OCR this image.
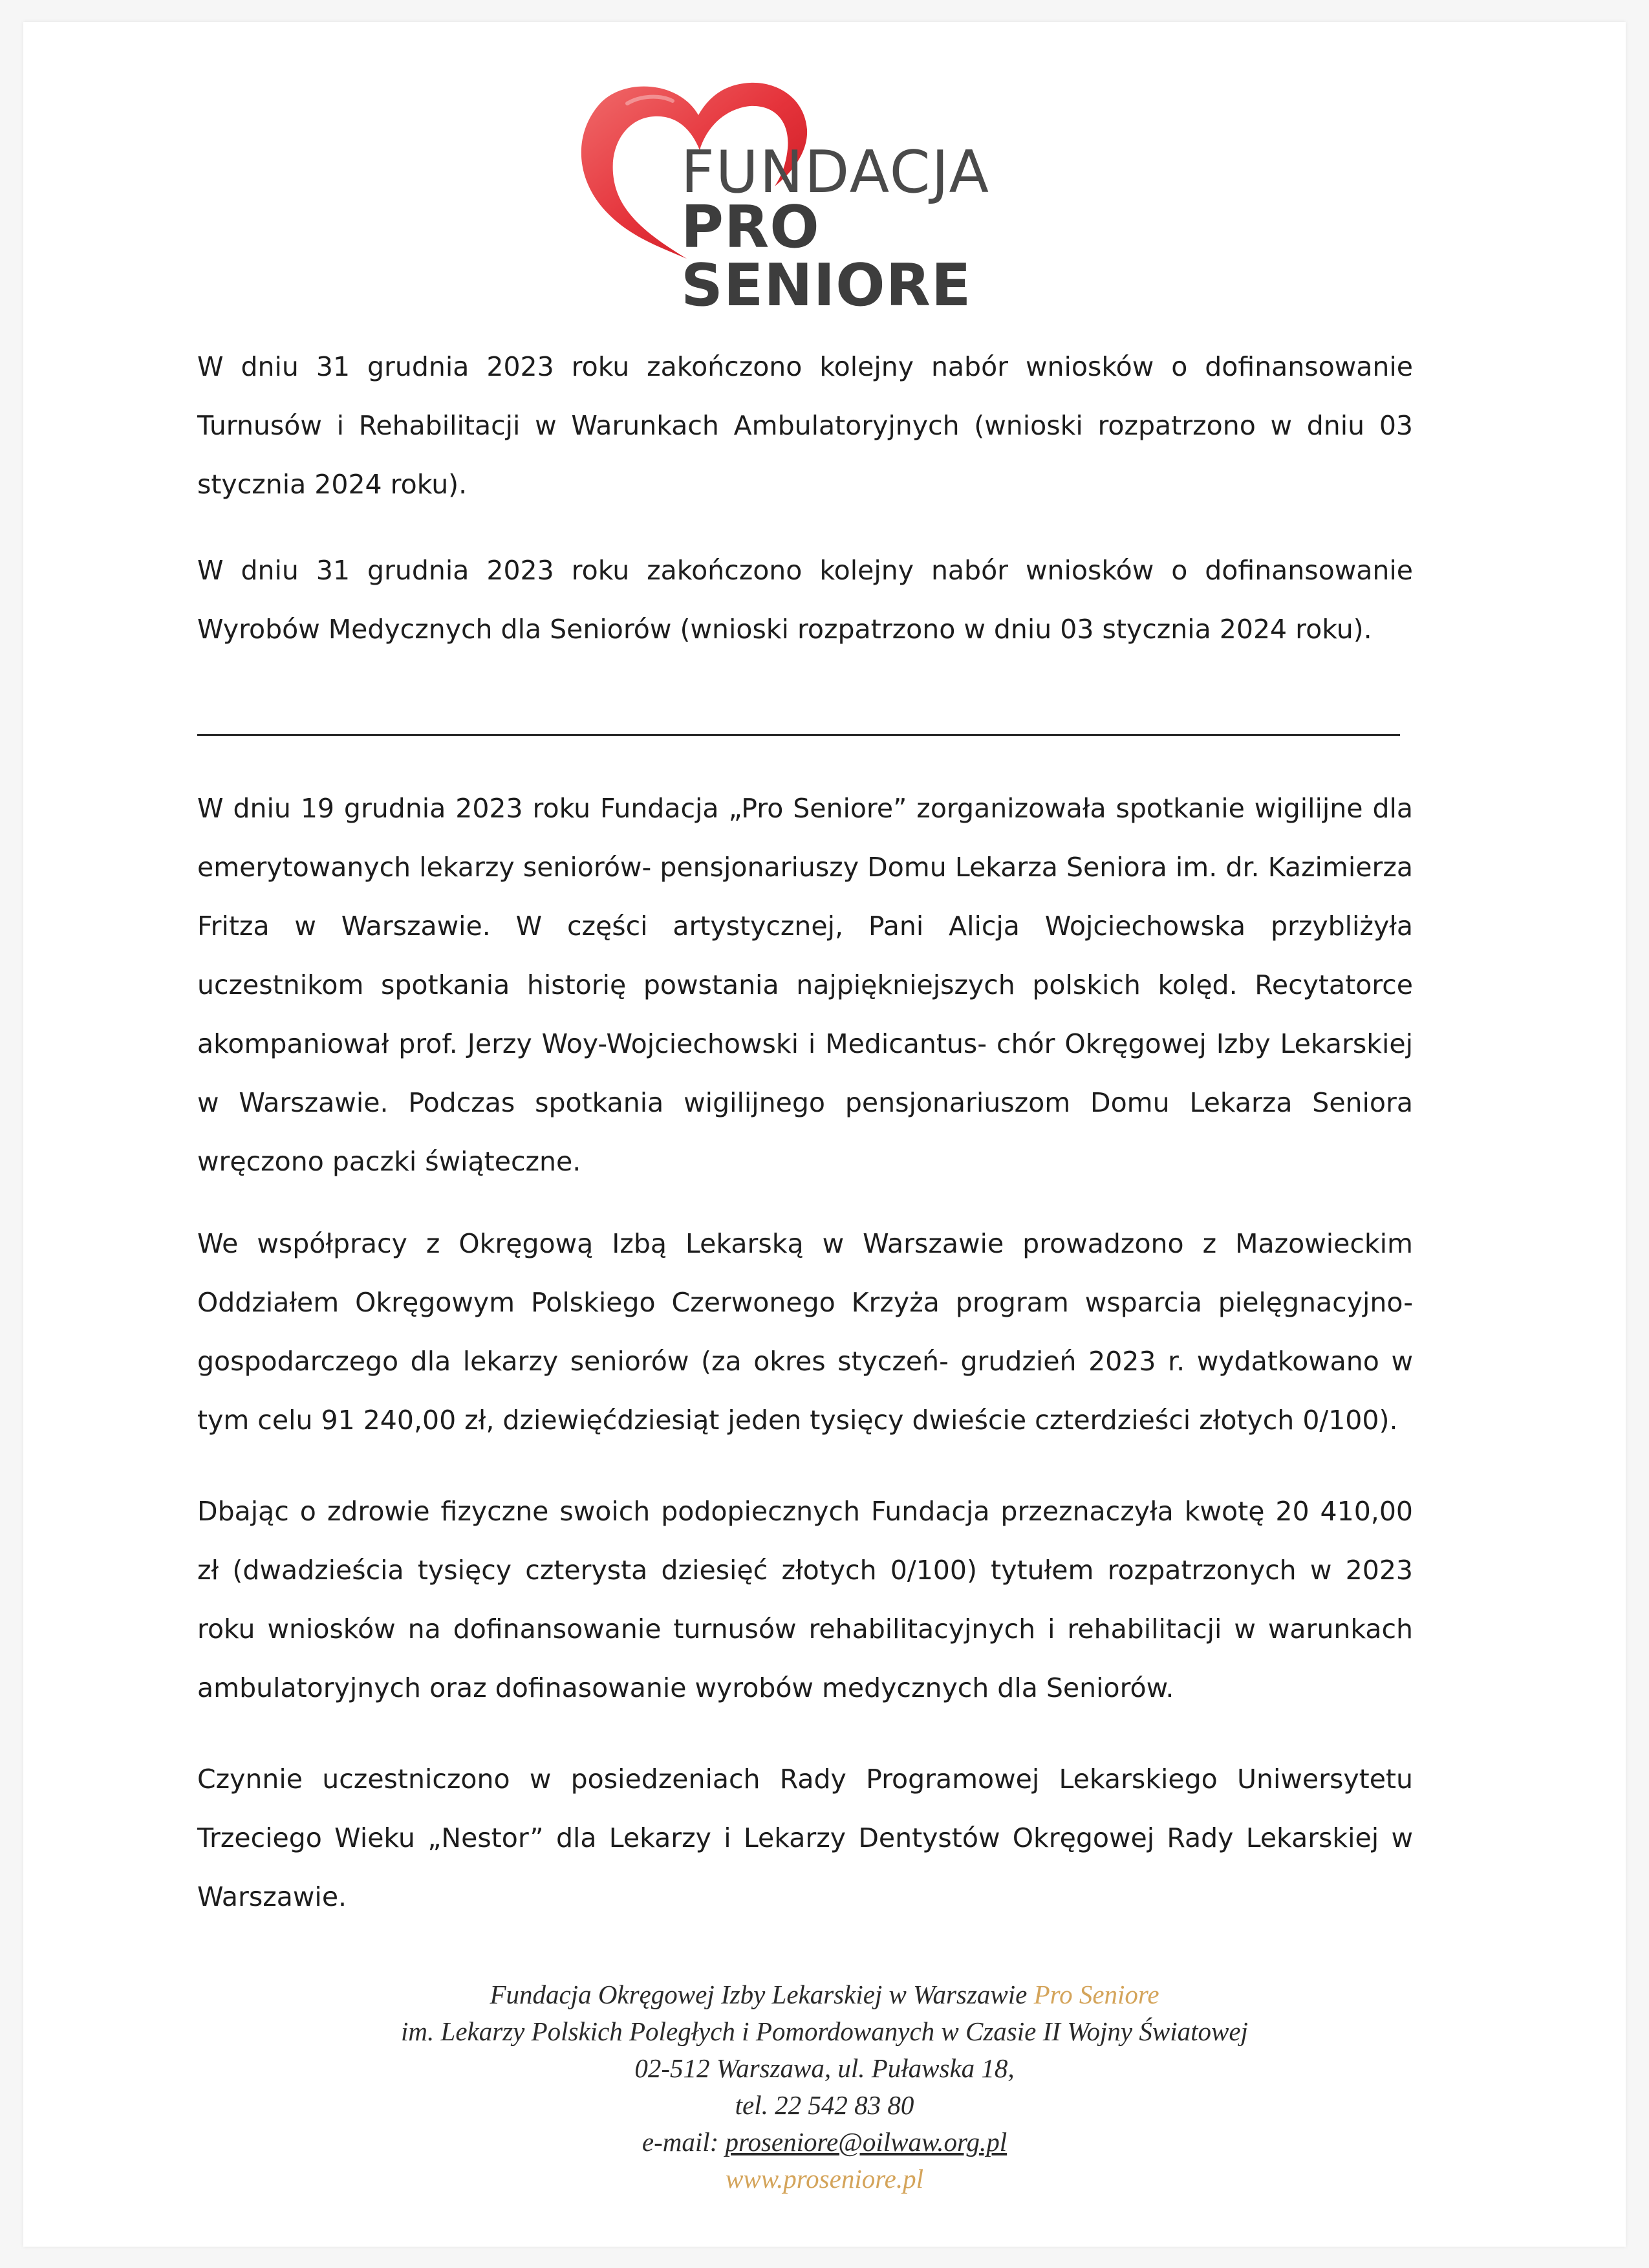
FUNDACJA
PRO SENIORE

W dniu 31 grudnia 2023 roku zakończono kolejny nabór wniosków o dofinansowanie Turnusów i Rehabilitacji w Warunkach Ambulatoryjnych (wnioski rozpatrzono w dniu 03 stycznia 2024 roku).

W dniu 31 grudnia 2023 roku zakończono kolejny nabór wniosków o dofinansowanie Wyrobów Medycznych dla Seniorów (wnioski rozpatrzono w dniu 03 stycznia 2024 roku).

W dniu 19 grudnia 2023 roku Fundacja „Pro Seniore” zorganizowała spotkanie wigilijne dla emerytowanych lekarzy seniorów- pensjonariuszy Domu Lekarza Seniora im. dr. Kazimierza Fritza w Warszawie. W części artystycznej, Pani Alicja Wojciechowska przybliżyła uczestnikom spotkania historię powstania najpiękniejszych polskich kolęd. Recytatorce akompaniował prof. Jerzy Woy-Wojciechowski i Medicantus- chór Okręgowej Izby Lekarskiej w Warszawie. Podczas spotkania wigilijnego pensjonariuszom Domu Lekarza Seniora wręczono paczki świąteczne.

We współpracy z Okręgową Izbą Lekarską w Warszawie prowadzono z Mazowieckim Oddziałem Okręgowym Polskiego Czerwonego Krzyża program wsparcia pielęgnacyjno-gospodarczego dla lekarzy seniorów (za okres styczeń- grudzień 2023 r. wydatkowano w tym celu 91 240,00 zł, dziewięćdziesiąt jeden tysięcy dwieście czterdzieści złotych 0/100).

Dbając o zdrowie fizyczne swoich podopiecznych Fundacja przeznaczyła kwotę 20 410,00 zł (dwadzieścia tysięcy czterysta dziesięć złotych 0/100) tytułem rozpatrzonych w 2023 roku wniosków na dofinansowanie turnusów rehabilitacyjnych i rehabilitacji w warunkach ambulatoryjnych oraz dofinasowanie wyrobów medycznych dla Seniorów.

Czynnie uczestniczono w posiedzeniach Rady Programowej Lekarskiego Uniwersytetu Trzeciego Wieku „Nestor” dla Lekarzy i Lekarzy Dentystów Okręgowej Rady Lekarskiej w Warszawie.

Fundacja Okręgowej Izby Lekarskiej w Warszawie Pro Seniore
im. Lekarzy Polskich Poległych i Pomordowanych w Czasie II Wojny Światowej
02-512 Warszawa, ul. Puławska 18,
tel. 22 542 83 80
e-mail: proseniore@oilwaw.org.pl
www.proseniore.pl
